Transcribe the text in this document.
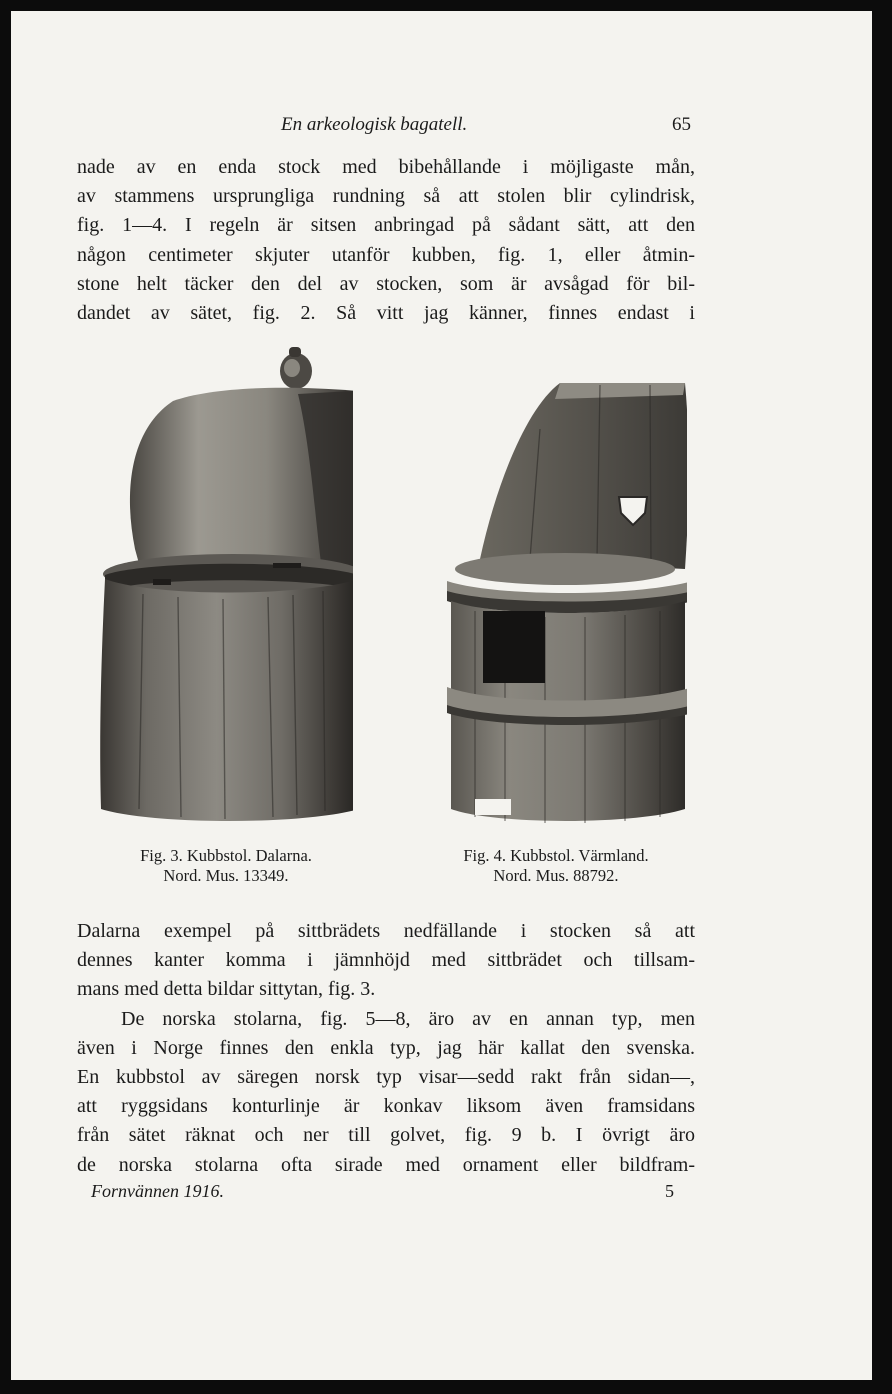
En arkeologisk bagatell.	65
nade av en enda stock med bibehållande i möjligaste mån,
av stammens ursprungliga rundning så att stolen blir cylindrisk,
fig. 1—4. I regeln är sitsen anbringad på sådant sätt, att den
någon centimeter skjuter utanför kubben, fig. 1, eller åtmin-
stone helt täcker den del av stocken, som är avsågad för bil-
dandet av sätet, fig. 2. Så vitt jag känner, finnes endast i
Fig. 3. Kubbstol. Dalarna.
Nord. Mus. 13349.
Fig. 4. Kubbstol. Värmland.
Nord. Mus. 88792.
Dalarna exempel på sittbrädets nedfällande i stocken så att
dennes kanter komma i jämnhöjd med sittbrädet och tillsam-
mans med detta bildar sittytan, fig. 3.
De norska stolarna, fig. 5—8, äro av en annan typ, men
även i Norge finnes den enkla typ, jag här kallat den svenska.
En kubbstol av säregen norsk typ visar—sedd rakt från sidan—,
att ryggsidans konturlinje är konkav liksom även framsidans
från sätet räknat och ner till golvet, fig. 9 b. I övrigt äro
de norska stolarna ofta sirade med ornament eller bildfram-
Fornvännen 1916.	5
